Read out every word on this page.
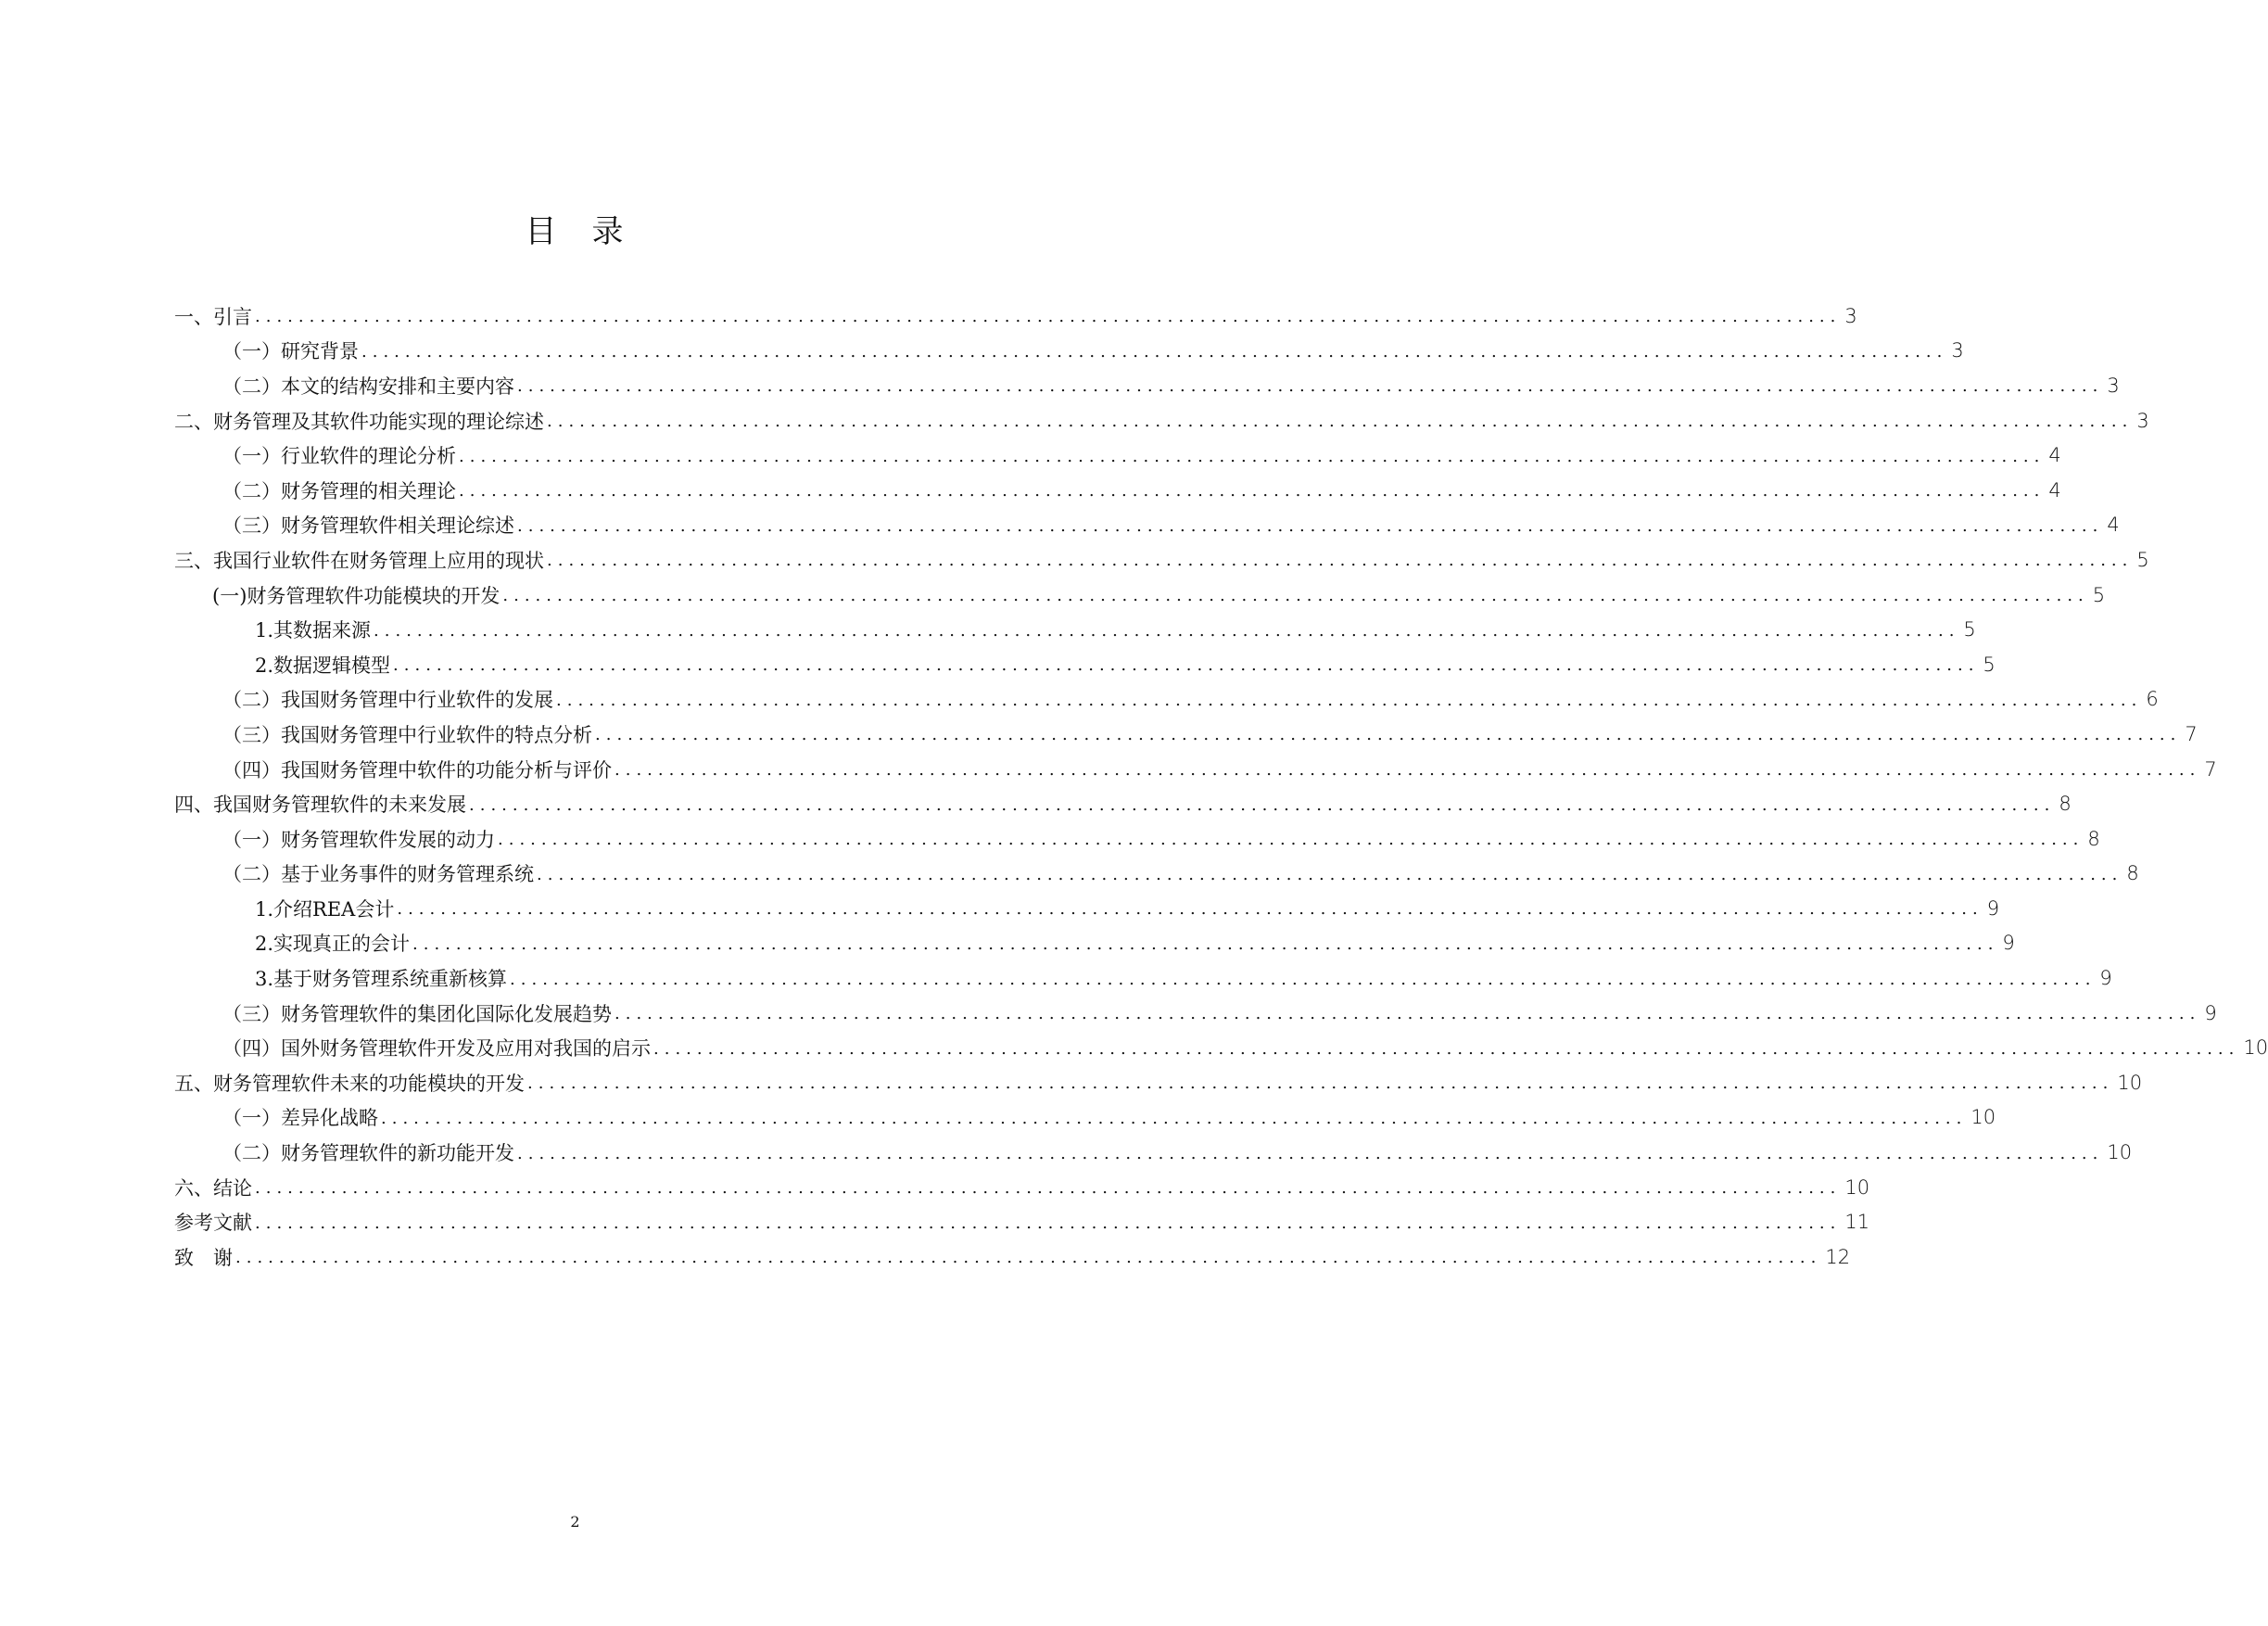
目　录
一、引言 .................................................................................................................................................. 3
（一）研究背景 .................................................................................................................................................. 3
（二）本文的结构安排和主要内容 .................................................................................................................................................. 3
二、财务管理及其软件功能实现的理论综述 .................................................................................................................................................. 3
（一）行业软件的理论分析 .................................................................................................................................................. 4
（二）财务管理的相关理论 .................................................................................................................................................. 4
（三）财务管理软件相关理论综述 .................................................................................................................................................. 4
三、我国行业软件在财务管理上应用的现状 .................................................................................................................................................. 5
(一)财务管理软件功能模块的开发 .................................................................................................................................................. 5
1.其数据来源 .................................................................................................................................................. 5
2.数据逻辑模型 .................................................................................................................................................. 5
（二）我国财务管理中行业软件的发展 .................................................................................................................................................. 6
（三）我国财务管理中行业软件的特点分析 .................................................................................................................................................. 7
（四）我国财务管理中软件的功能分析与评价 .................................................................................................................................................. 7
四、我国财务管理软件的未来发展 .................................................................................................................................................. 8
（一）财务管理软件发展的动力 .................................................................................................................................................. 8
（二）基于业务事件的财务管理系统 .................................................................................................................................................. 8
1.介绍REA会计 .................................................................................................................................................. 9
2.实现真正的会计 .................................................................................................................................................. 9
3.基于财务管理系统重新核算 .................................................................................................................................................. 9
（三）财务管理软件的集团化国际化发展趋势 .................................................................................................................................................. 9
（四）国外财务管理软件开发及应用对我国的启示 .................................................................................................................................................. 10
五、财务管理软件未来的功能模块的开发 .................................................................................................................................................. 10
（一）差异化战略 .................................................................................................................................................. 10
（二）财务管理软件的新功能开发 .................................................................................................................................................. 10
六、结论 .................................................................................................................................................. 10
参考文献 .................................................................................................................................................. 11
致　谢 .................................................................................................................................................. 12
2
